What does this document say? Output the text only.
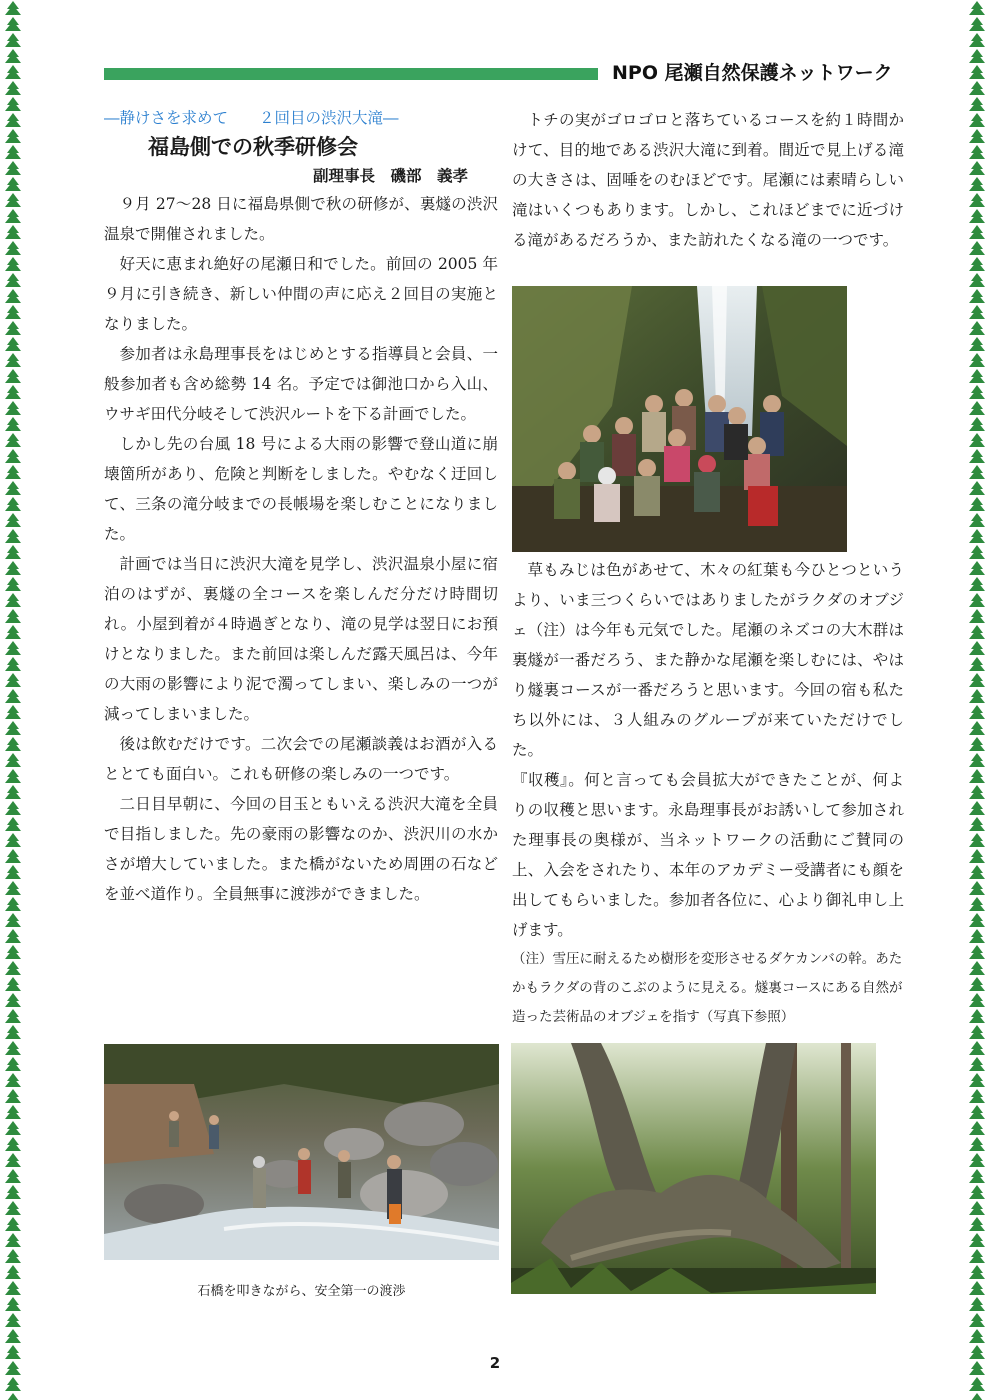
NPO 尾瀬自然保護ネットワーク
―静けさを求めて　　２回目の渋沢大滝―
福島側での秋季研修会
副理事長　磯部　義孝

９月 27〜28 日に福島県側で秋の研修が、裏燧の渋沢温泉で開催されました。

好天に恵まれ絶好の尾瀬日和でした。前回の 2005 年９月に引き続き、新しい仲間の声に応え２回目の実施となりました。

参加者は永島理事長をはじめとする指導員と会員、一般参加者も含め総勢 14 名。予定では御池口から入山、ウサギ田代分岐そして渋沢ルートを下る計画でした。

しかし先の台風 18 号による大雨の影響で登山道に崩壊箇所があり、危険と判断をしました。やむなく迂回して、三条の滝分岐までの長帳場を楽しむことになりました。

計画では当日に渋沢大滝を見学し、渋沢温泉小屋に宿泊のはずが、裏燧の全コースを楽しんだ分だけ時間切れ。小屋到着が４時過ぎとなり、滝の見学は翌日にお預けとなりました。また前回は楽しんだ露天風呂は、今年の大雨の影響により泥で濁ってしまい、楽しみの一つが減ってしまいました。

後は飲むだけです。二次会での尾瀬談義はお酒が入るととても面白い。これも研修の楽しみの一つです。

二日目早朝に、今回の目玉ともいえる渋沢大滝を全員で目指しました。先の豪雨の影響なのか、渋沢川の水かさが増大していました。また橋がないため周囲の石などを並べ道作り。全員無事に渡渉ができました。

トチの実がゴロゴロと落ちているコースを約１時間かけて、目的地である渋沢大滝に到着。間近で見上げる滝の大きさは、固唾をのむほどです。尾瀬には素晴らしい滝はいくつもあります。しかし、これほどまでに近づける滝があるだろうか、また訪れたくなる滝の一つです。

草もみじは色があせて、木々の紅葉も今ひとつというより、いま三つくらいではありましたがラクダのオブジェ（注）は今年も元気でした。尾瀬のネズコの大木群は裏燧が一番だろう、また静かな尾瀬を楽しむには、やはり燧裏コースが一番だろうと思います。今回の宿も私たち以外には、３人組みのグループが来ていただけでした。

『収穫』。何と言っても会員拡大ができたことが、何よりの収穫と思います。永島理事長がお誘いして参加された理事長の奥様が、当ネットワークの活動にご賛同の上、入会をされたり、本年のアカデミー受講者にも顔を出してもらいました。参加者各位に、心より御礼申し上げます。

（注）雪圧に耐えるため樹形を変形させるダケカンバの幹。あたかもラクダの背のこぶのように見える。燧裏コースにある自然が造った芸術品のオブジェを指す（写真下参照）

石橋を叩きながら、安全第一の渡渉
2
